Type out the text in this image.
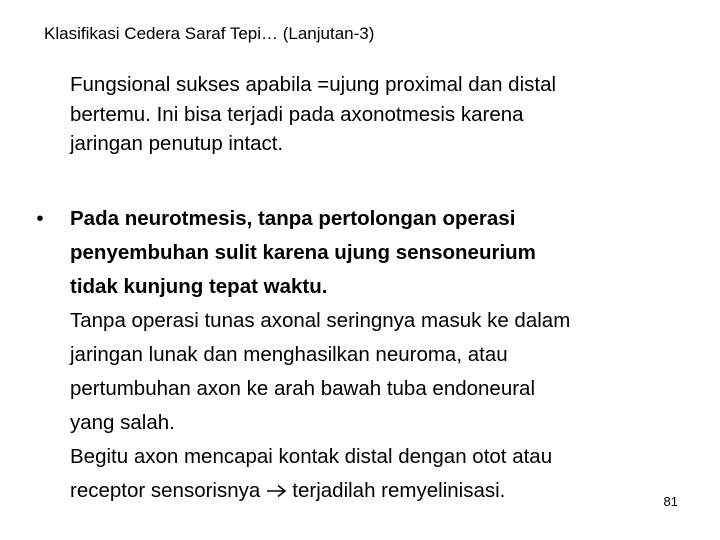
Klasifikasi Cedera Saraf Tepi… (Lanjutan-3)
Fungsional sukses apabila =ujung proximal dan distal
bertemu. Ini bisa terjadi pada axonotmesis karena
jaringan penutup intact.
•	Pada neurotmesis, tanpa pertolongan operasi
penyembuhan sulit karena ujung sensoneurium
tidak kunjung tepat waktu.
Tanpa operasi tunas axonal seringnya masuk ke dalam
jaringan lunak dan menghasilkan neuroma, atau
pertumbuhan axon ke arah bawah tuba endoneural
yang salah.
Begitu axon mencapai kontak distal dengan otot atau
receptor sensorisnya terjadilah remyelinisasi.	81
